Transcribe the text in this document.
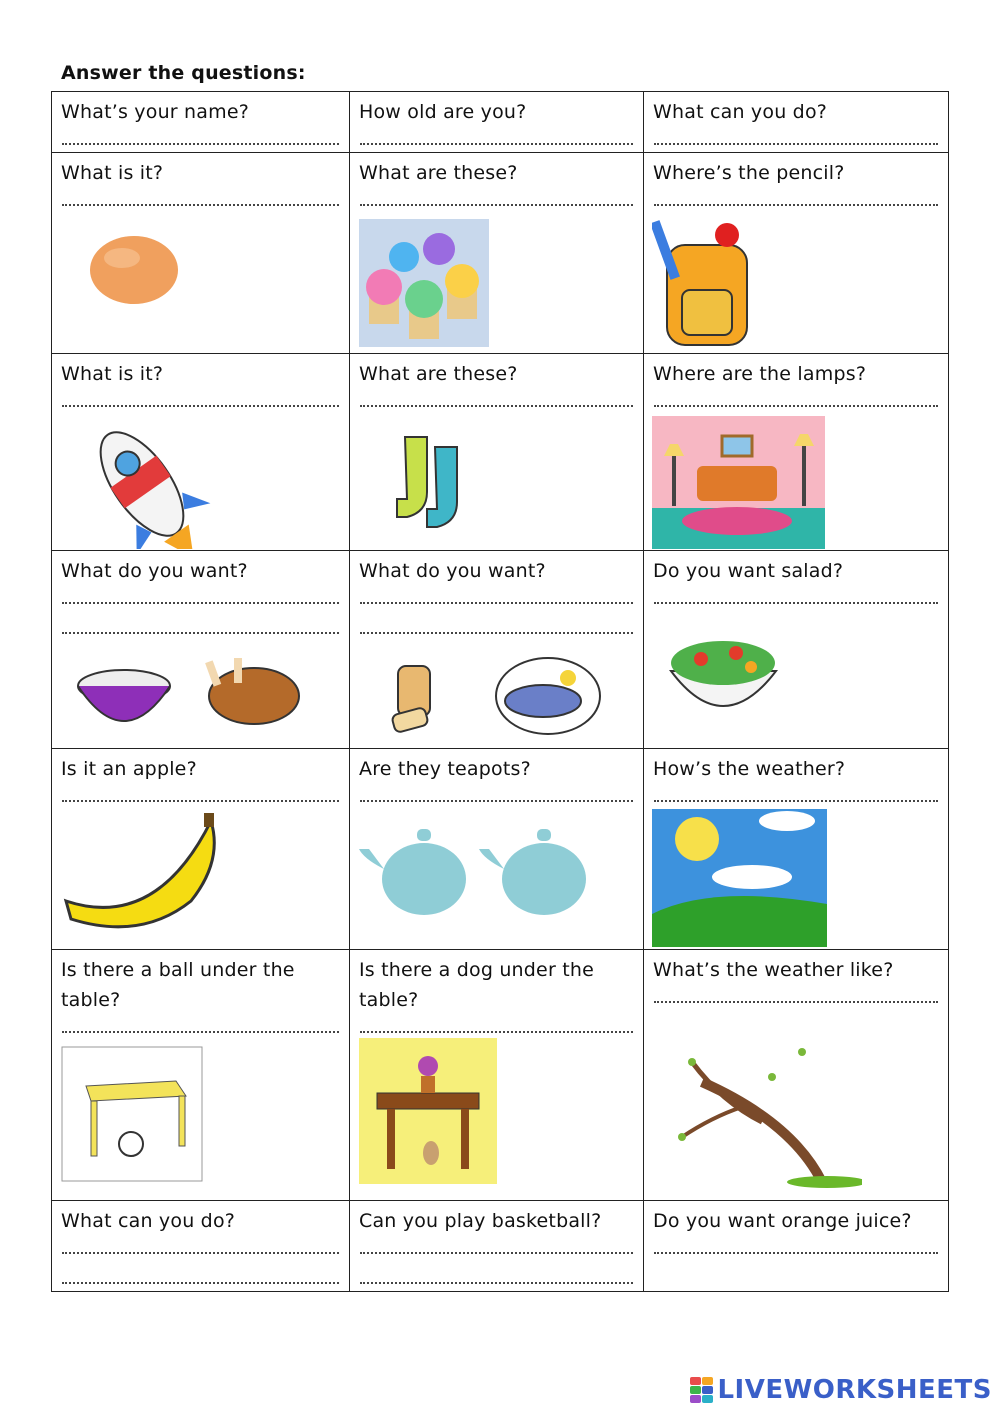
Answer the questions:
What’s your name?	How old are you?	What can you do?

What is it?	What are these?	Where’s the pencil?

What is it?	What are these?	Where are the lamps?

What do you want?	What do you want?	Do you want salad?

Is it an apple?	Are they teapots?	How’s the weather?

Is there a ball under the table?	Is there a dog under the table?	What’s the weather like?

What can you do?	Can you play basketball?	Do you want orange juice?
LIVEWORKSHEETS
